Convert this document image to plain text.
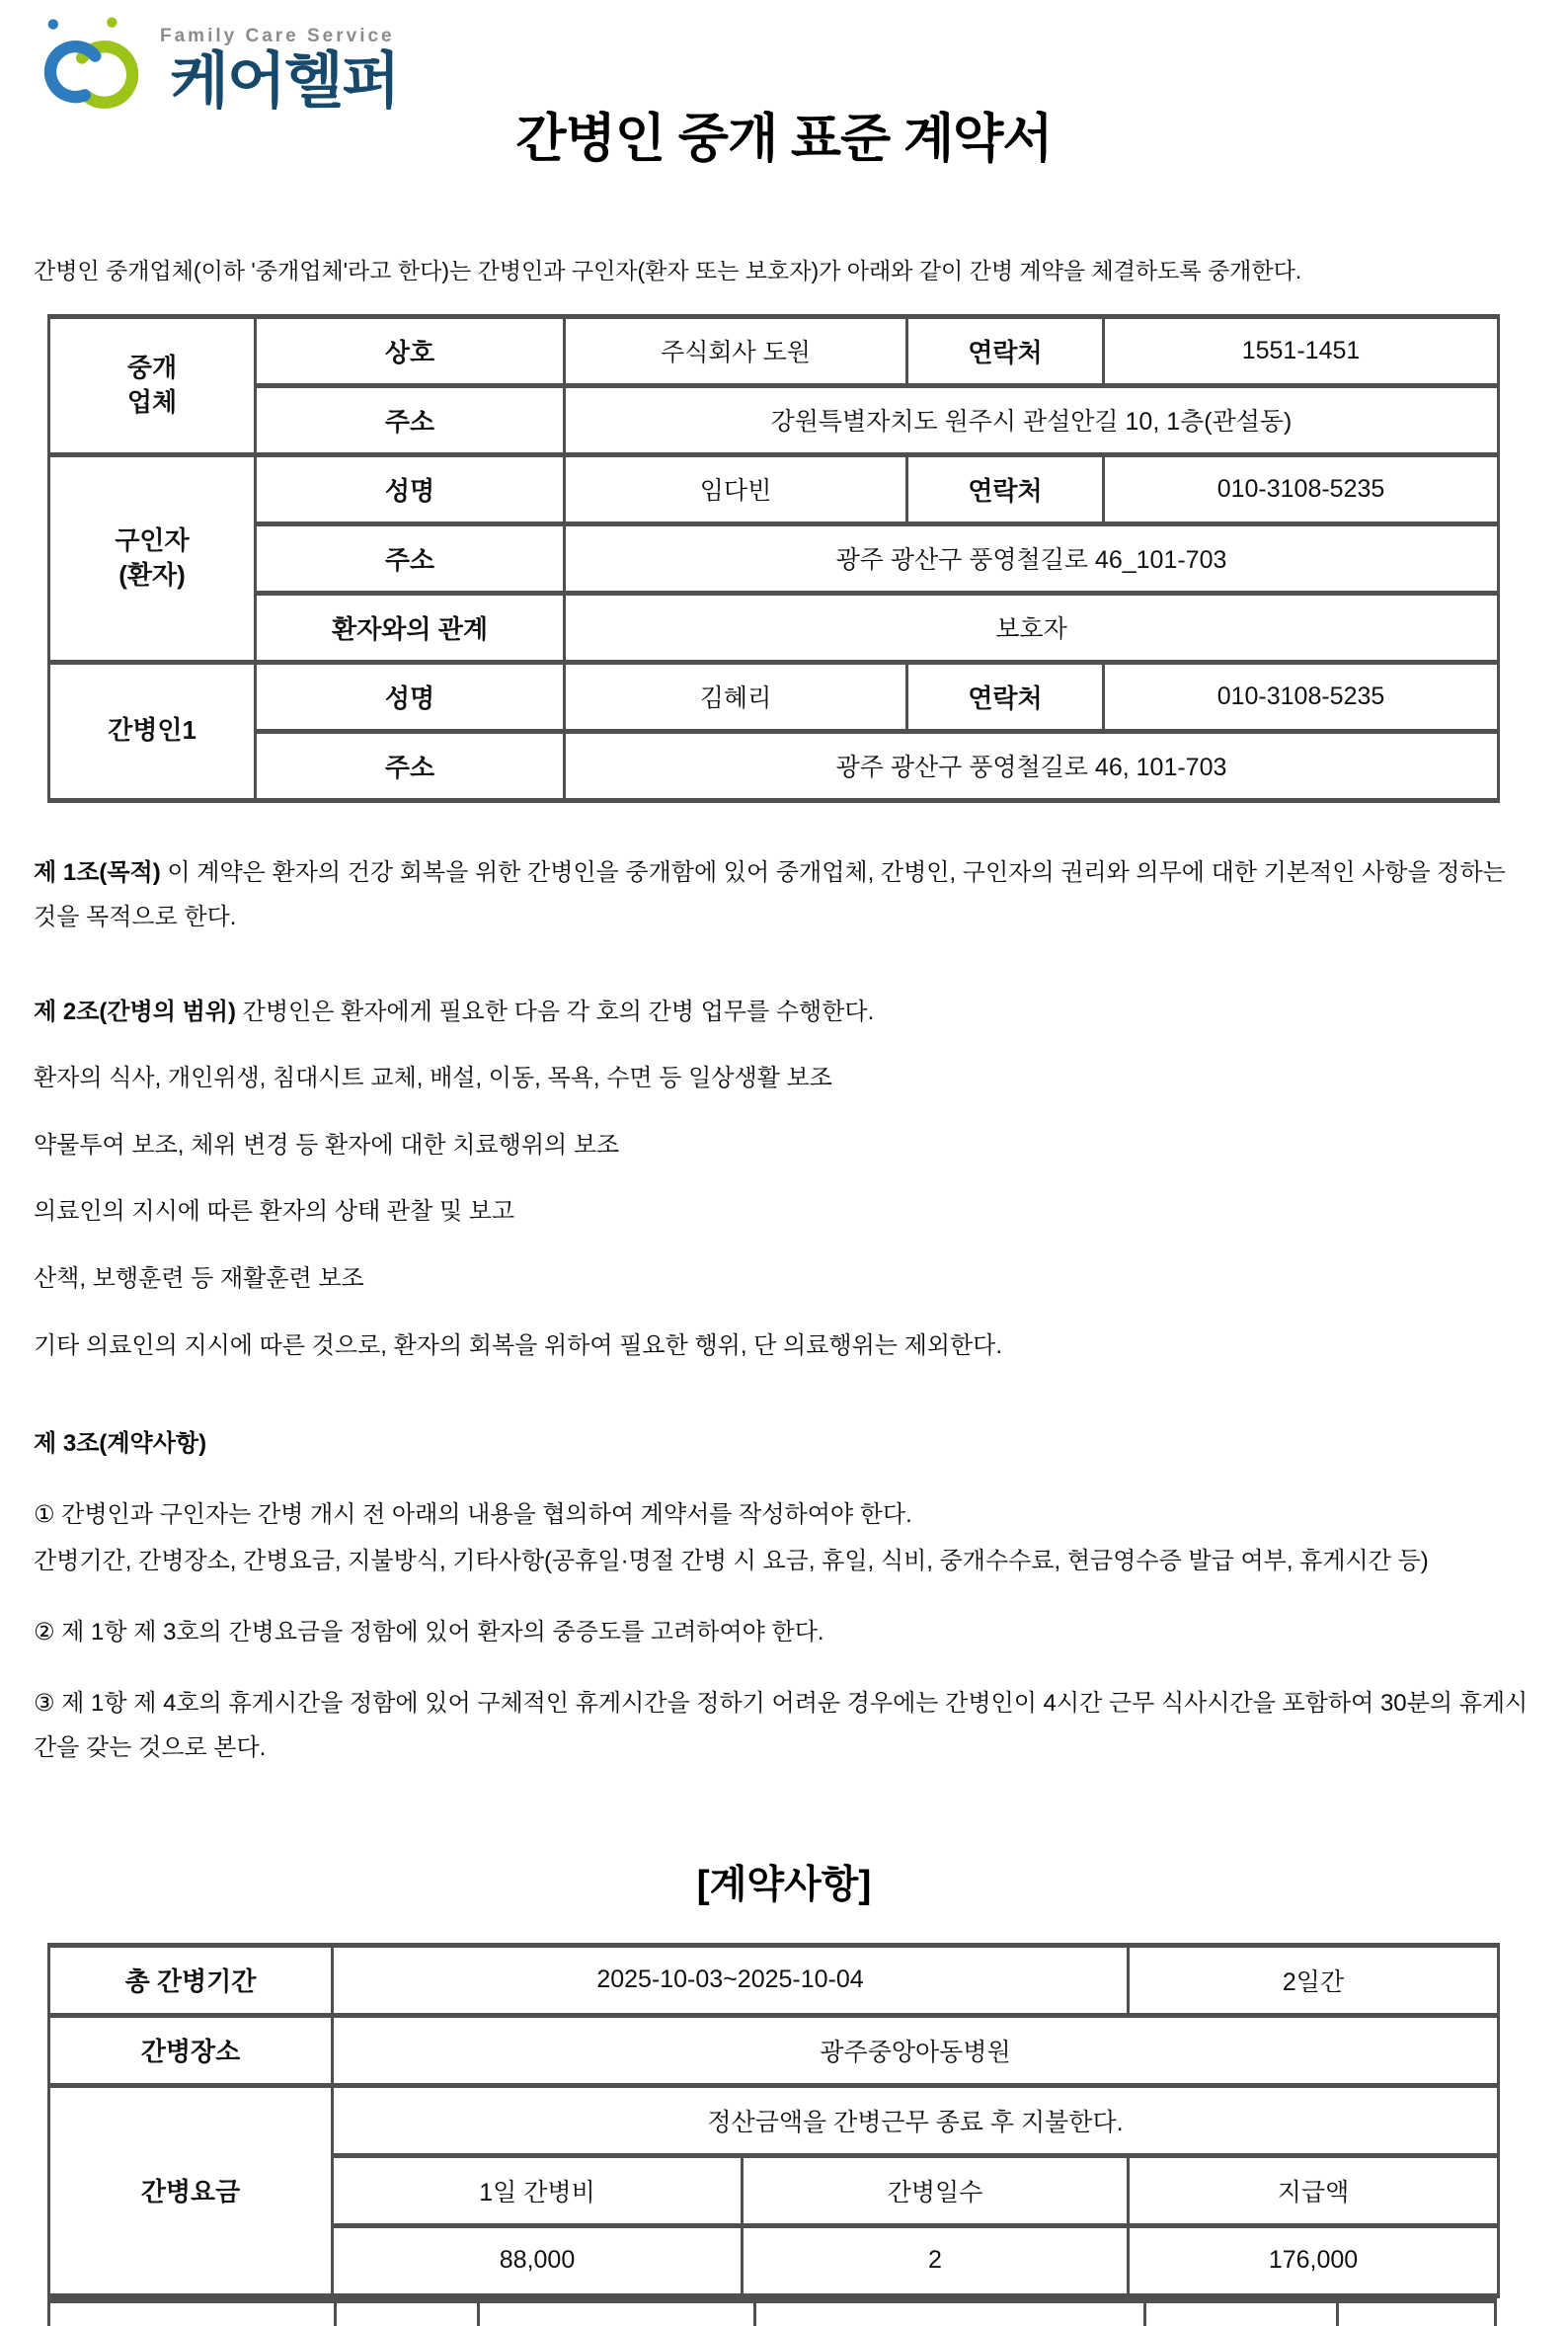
Family Care Service
케어헬퍼
간병인 중개 표준 계약서

간병인 중개업체(이하 '중개업체'라고 한다)는 간병인과 구인자(환자 또는 보호자)가 아래와 같이 간병 계약을 체결하도록 중개한다.

중개
업체	상호	주식회사 도원	연락처	1551-1451
	주소	강원특별자치도 원주시 관설안길 10, 1층(관설동)		

구인자
(환자)	성명	임다빈	연락처	010-3108-5235
	주소	광주 광산구 풍영철길로 46_101-703		
	환자와의 관계	보호자		

간병인1	성명	김혜리	연락처	010-3108-5235
	주소	광주 광산구 풍영철길로 46, 101-703		

제 1조(목적) 이 계약은 환자의 건강 회복을 위한 간병인을 중개함에 있어 중개업체, 간병인, 구인자의 권리와 의무에 대한 기본적인 사항을 정하는 것을 목적으로 한다.

제 2조(간병의 범위) 간병인은 환자에게 필요한 다음 각 호의 간병 업무를 수행한다.

환자의 식사, 개인위생, 침대시트 교체, 배설, 이동, 목욕, 수면 등 일상생활 보조

약물투여 보조, 체위 변경 등 환자에 대한 치료행위의 보조

의료인의 지시에 따른 환자의 상태 관찰 및 보고

산책, 보행훈련 등 재활훈련 보조

기타 의료인의 지시에 따른 것으로, 환자의 회복을 위하여 필요한 행위, 단 의료행위는 제외한다.

제 3조(계약사항)

① 간병인과 구인자는 간병 개시 전 아래의 내용을 협의하여 계약서를 작성하여야 한다.

간병기간, 간병장소, 간병요금, 지불방식, 기타사항(공휴일·명절 간병 시 요금, 휴일, 식비, 중개수수료, 현금영수증 발급 여부, 휴게시간 등)

② 제 1항 제 3호의 간병요금을 정함에 있어 환자의 중증도를 고려하여야 한다.

③ 제 1항 제 4호의 휴게시간을 정함에 있어 구체적인 휴게시간을 정하기 어려운 경우에는 간병인이 4시간 근무 식사시간을 포함하여 30분의 휴게시간을 갖는 것으로 본다.

[계약사항]
총 간병기간	2025-10-03~2025-10-04		2일간
간병장소	광주중앙아동병원		
간병요금	정산금액을 간병근무 종료 후 지불한다.		
	1일 간병비	간병일수	지급액
	88,000	2	176,000
